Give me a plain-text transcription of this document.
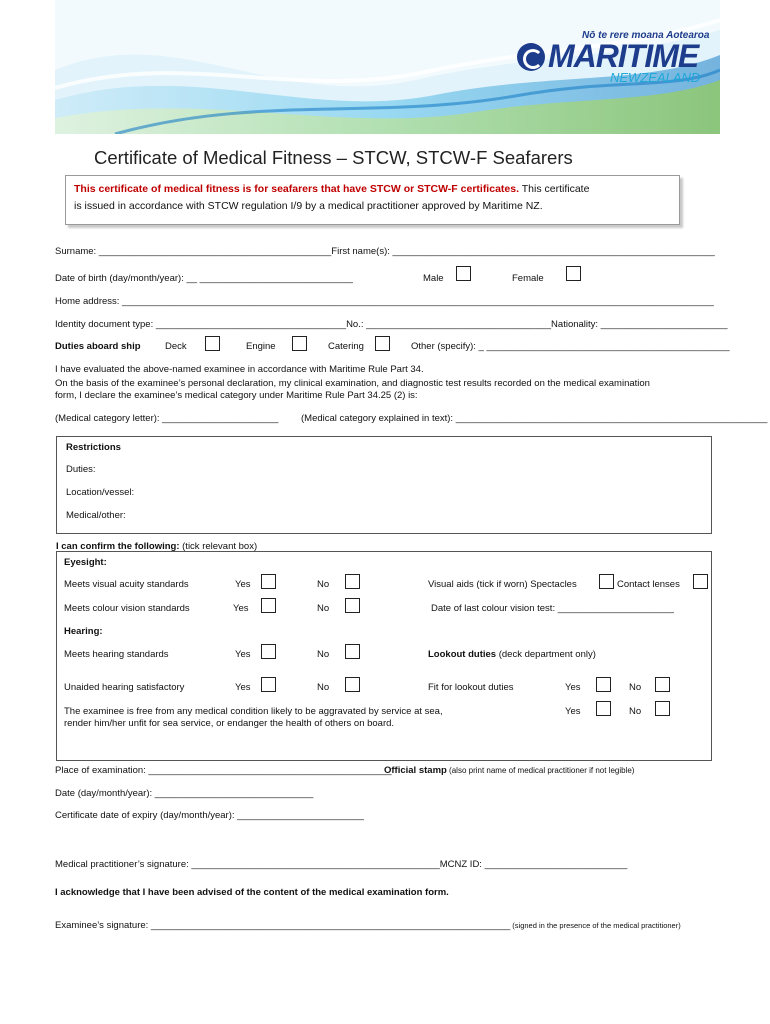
Nō te rere moana Aotearoa
MARITIME
NEWZEALAND
Certificate of Medical Fitness – STCW, STCW-F Seafarers
This certificate of medical fitness is for seafarers that have STCW or STCW-F certificates. This certificate
is issued in accordance with STCW regulation I/9 by a medical practitioner approved by Maritime NZ.
Surname: ____________________________________________First name(s): _____________________________________________________________
Date of birth (day/month/year): __ _____________________________	Male	Female
Home address: ________________________________________________________________________________________________________________
Identity document type: ____________________________________No.: ___________________________________Nationality: ________________________
Duties aboard ship	Deck	Engine	Catering	Other (specify): _ ______________________________________________
I have evaluated the above-named examinee in accordance with Maritime Rule Part 34.
On the basis of the examinee’s personal declaration, my clinical examination, and diagnostic test results recorded on the medical examination
form, I declare the examinee’s medical category under Maritime Rule Part 34.25 (2) is:
(Medical category letter): ______________________ (Medical category explained in text): ___________________________________________________________
Restrictions
Duties:
Location/vessel:
Medical/other:
I can confirm the following: (tick relevant box)
Eyesight:
Meets visual acuity standards	Yes	No	Visual aids (tick if worn) Spectacles	Contact lenses
Meets colour vision standards	Yes	No	Date of last colour vision test: ______________________
Hearing:
Meets hearing standards	Yes	No	Lookout duties (deck department only)
Unaided hearing satisfactory	Yes	No	Fit for lookout duties	Yes	No
The examinee is free from any medical condition likely to be aggravated by service at sea,
render him/her unfit for sea service, or endanger the health of others on board.
Yes	No
Place of examination: ______________________________________________
Official stamp (also print name of medical practitioner if not legible)
Date (day/month/year): ______________________________
Certificate date of expiry (day/month/year): ________________________
Medical practitioner’s signature: _______________________________________________MCNZ ID: ___________________________
I acknowledge that I have been advised of the content of the medical examination form.
Examinee’s signature: ____________________________________________________________________ (signed in the presence of the medical practitioner)
